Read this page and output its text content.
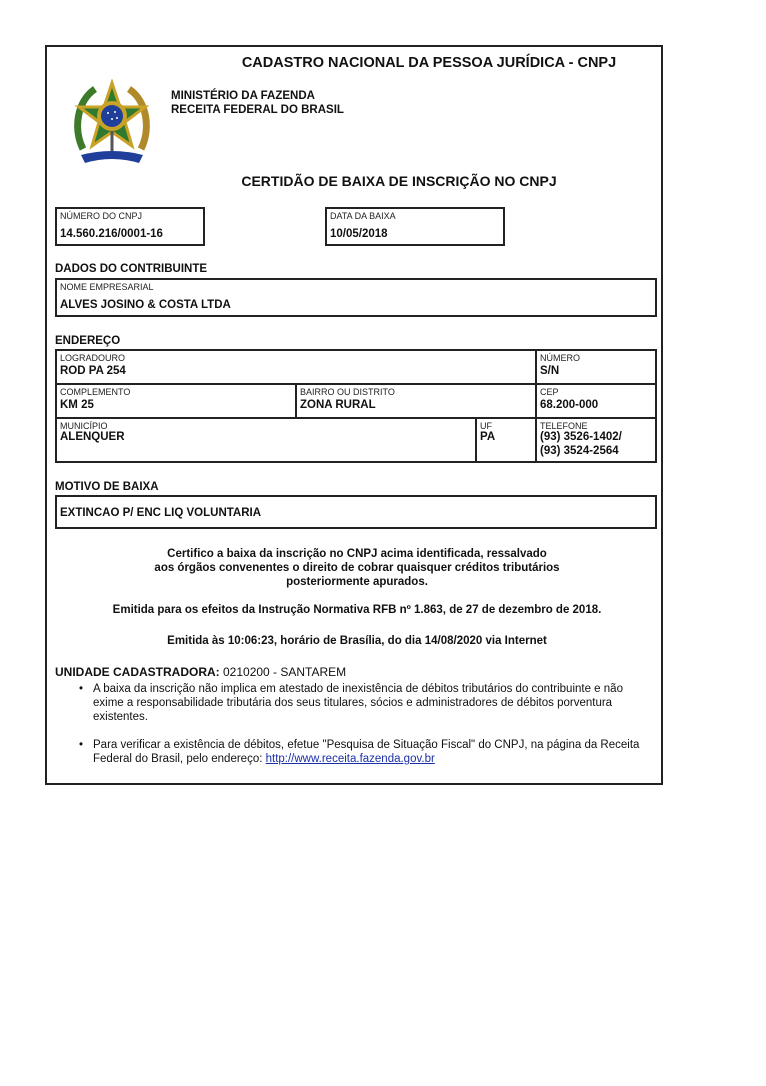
CADASTRO NACIONAL DA PESSOA JURÍDICA - CNPJ
MINISTÉRIO DA FAZENDA
RECEITA FEDERAL DO BRASIL
CERTIDÃO DE BAIXA DE INSCRIÇÃO NO CNPJ
NÚMERO DO CNPJ
14.560.216/0001-16
DATA DA BAIXA
10/05/2018
DADOS DO CONTRIBUINTE
NOME EMPRESARIAL
ALVES JOSINO & COSTA LTDA
ENDEREÇO
LOGRADOURO
ROD PA 254
NÚMERO
S/N
COMPLEMENTO
KM 25
BAIRRO OU DISTRITO
ZONA RURAL
CEP
68.200-000
MUNICÍPIO
ALENQUER
UF
PA
TELEFONE
(93) 3526-1402/
(93) 3524-2564
MOTIVO DE BAIXA
EXTINCAO P/ ENC LIQ VOLUNTARIA
Certifico a baixa da inscrição no CNPJ acima identificada, ressalvado
aos órgãos convenentes o direito de cobrar quaisquer créditos tributários
posteriormente apurados.
Emitida para os efeitos da Instrução Normativa RFB nº 1.863, de 27 de dezembro de 2018.
Emitida às 10:06:23, horário de Brasília, do dia 14/08/2020 via Internet
UNIDADE CADASTRADORA: 0210200 - SANTAREM
• A baixa da inscrição não implica em atestado de inexistência de débitos tributários do contribuinte e não exime a responsabilidade tributária dos seus titulares, sócios e administradores de débitos porventura existentes.
• Para verificar a existência de débitos, efetue "Pesquisa de Situação Fiscal" do CNPJ, na página da Receita Federal do Brasil, pelo endereço: http://www.receita.fazenda.gov.br
